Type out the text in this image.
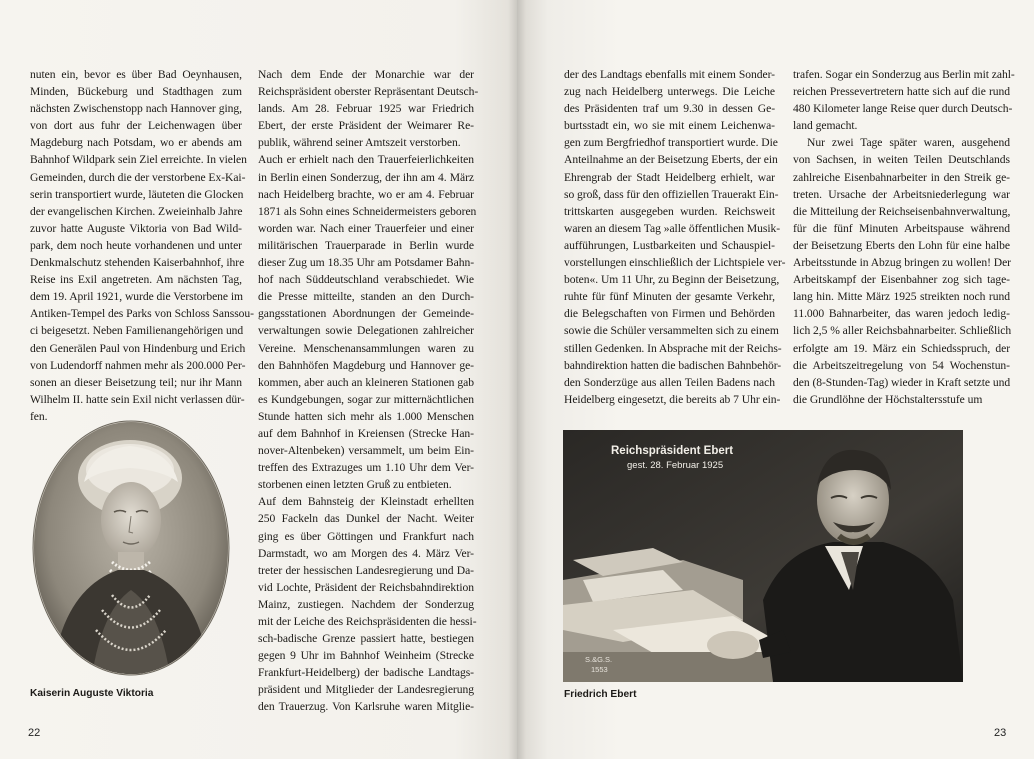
nuten ein, bevor es über Bad Oeynhausen,
Minden, Bückeburg und Stadthagen zum
nächsten Zwischenstopp nach Hannover ging,
von dort aus fuhr der Leichenwagen über
Magdeburg nach Potsdam, wo er abends am
Bahnhof Wildpark sein Ziel erreichte. In vielen
Gemeinden, durch die der verstorbene Ex-Kai-
serin transportiert wurde, läuteten die Glocken
der evangelischen Kirchen. Zweieinhalb Jahre
zuvor hatte Auguste Viktoria von Bad Wild-
park, dem noch heute vorhandenen und unter
Denkmalschutz stehenden Kaiserbahnhof, ihre
Reise ins Exil angetreten. Am nächsten Tag,
dem 19. April 1921, wurde die Verstorbene im
Antiken-Tempel des Parks von Schloss Sanssou-
ci beigesetzt. Neben Familienangehörigen und
den Generälen Paul von Hindenburg und Erich
von Ludendorff nahmen mehr als 200.000 Per-
sonen an dieser Beisetzung teil; nur ihr Mann
Wilhelm II. hatte sein Exil nicht verlassen dür-
fen.
Nach dem Ende der Monarchie war der
Reichspräsident oberster Repräsentant Deutsch-
lands. Am 28. Februar 1925 war Friedrich
Ebert, der erste Präsident der Weimarer Re-
publik, während seiner Amtszeit verstorben.
Auch er erhielt nach den Trauerfeierlichkeiten
in Berlin einen Sonderzug, der ihn am 4. März
nach Heidelberg brachte, wo er am 4. Februar
1871 als Sohn eines Schneidermeisters geboren
worden war. Nach einer Trauerfeier und einer
militärischen Trauerparade in Berlin wurde
dieser Zug um 18.35 Uhr am Potsdamer Bahn-
hof nach Süddeutschland verabschiedet. Wie
die Presse mitteilte, standen an den Durch-
gangsstationen Abordnungen der Gemeinde-
verwaltungen sowie Delegationen zahlreicher
Vereine. Menschenansammlungen waren zu
den Bahnhöfen Magdeburg und Hannover ge-
kommen, aber auch an kleineren Stationen gab
es Kundgebungen, sogar zur mitternächtlichen
Stunde hatten sich mehr als 1.000 Menschen
auf dem Bahnhof in Kreiensen (Strecke Han-
nover-Altenbeken) versammelt, um beim Ein-
treffen des Extrazuges um 1.10 Uhr dem Ver-
storbenen einen letzten Gruß zu entbieten.
Auf dem Bahnsteig der Kleinstadt erhellten
250 Fackeln das Dunkel der Nacht. Weiter
ging es über Göttingen und Frankfurt nach
Darmstadt, wo am Morgen des 4. März Ver-
treter der hessischen Landesregierung und Da-
vid Lochte, Präsident der Reichsbahndirektion
Mainz, zustiegen. Nachdem der Sonderzug
mit der Leiche des Reichspräsidenten die hessi-
sch-badische Grenze passiert hatte, bestiegen
gegen 9 Uhr im Bahnhof Weinheim (Strecke
Frankfurt-Heidelberg) der badische Landtags-
präsident und Mitglieder der Landesregierung
den Trauerzug. Von Karlsruhe waren Mitglie-
Kaiserin Auguste Viktoria
22
der des Landtags ebenfalls mit einem Sonder-
zug nach Heidelberg unterwegs. Die Leiche
des Präsidenten traf um 9.30 in dessen Ge-
burtsstadt ein, wo sie mit einem Leichenwa-
gen zum Bergfriedhof transportiert wurde. Die
Anteilnahme an der Beisetzung Eberts, der ein
Ehrengrab der Stadt Heidelberg erhielt, war
so groß, dass für den offiziellen Trauerakt Ein-
trittskarten ausgegeben wurden. Reichsweit
waren an diesem Tag »alle öffentlichen Musik-
aufführungen, Lustbarkeiten und Schauspiel-
vorstellungen einschließlich der Lichtspiele ver-
boten«. Um 11 Uhr, zu Beginn der Beisetzung,
ruhte für fünf Minuten der gesamte Verkehr,
die Belegschaften von Firmen und Behörden
sowie die Schüler versammelten sich zu einem
stillen Gedenken. In Absprache mit der Reichs-
bahndirektion hatten die badischen Bahnbehör-
den Sonderzüge aus allen Teilen Badens nach
Heidelberg eingesetzt, die bereits ab 7 Uhr ein-
trafen. Sogar ein Sonderzug aus Berlin mit zahl-
reichen Pressevertretern hatte sich auf die rund
480 Kilometer lange Reise quer durch Deutsch-
land gemacht.
Nur zwei Tage später waren, ausgehend
von Sachsen, in weiten Teilen Deutschlands
zahlreiche Eisenbahnarbeiter in den Streik ge-
treten. Ursache der Arbeitsniederlegung war
die Mitteilung der Reichseisenbahnverwaltung,
für die fünf Minuten Arbeitspause während
der Beisetzung Eberts den Lohn für eine halbe
Arbeitsstunde in Abzug bringen zu wollen! Der
Arbeitskampf der Eisenbahner zog sich tage-
lang hin. Mitte März 1925 streikten noch rund
11.000 Bahnarbeiter, das waren jedoch ledig-
lich 2,5 % aller Reichsbahnarbeiter. Schließlich
erfolgte am 19. März ein Schiedsspruch, der
die Arbeitszeitregelung von 54 Wochenstun-
den (8-Stunden-Tag) wieder in Kraft setzte und
die Grundlöhne der Höchstaltersstufe um
Reichspräsident Ebert
gest. 28. Februar 1925
S.&G.S.
1553
Friedrich Ebert
23
